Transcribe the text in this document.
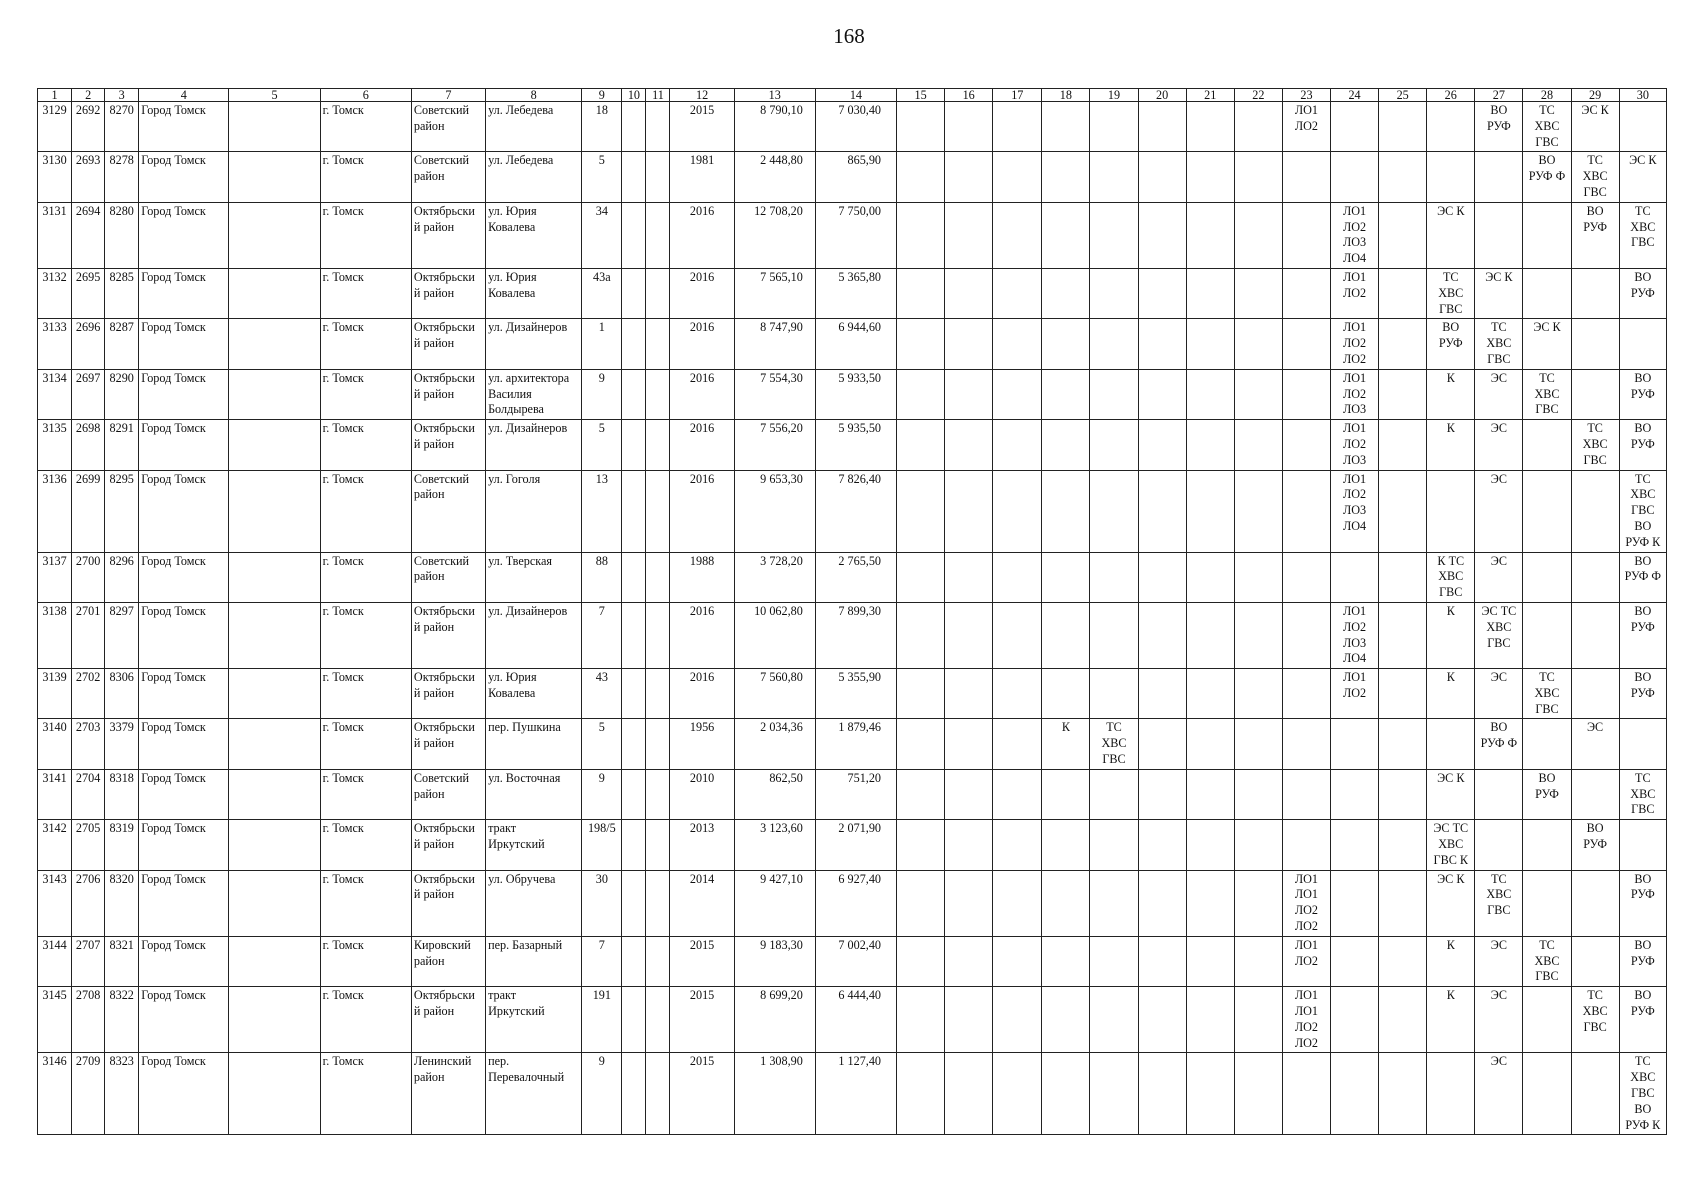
168
1	2	3	4	5	6	7	8	9	10	11	12	13	14	15	16	17	18	19	20	21	22	23	24	25	26	27	28	29	30
3129	2692	8270	Город Томск		г. Томск	Советский
район	ул. Лебедева	18			2015	8 790,10	7 030,40									ЛО1
ЛО2				ВО
РУФ	ТС
ХВС
ГВС	ЭС К	
3130	2693	8278	Город Томск		г. Томск	Советский
район	ул. Лебедева	5			1981	2 448,80	865,90														ВО
РУФ Ф	ТС
ХВС
ГВС	ЭС К
3131	2694	8280	Город Томск		г. Томск	Октябрьски
й район	ул. Юрия
Ковалева	34			2016	12 708,20	7 750,00										ЛО1
ЛО2
ЛО3
ЛО4		ЭС К			ВО
РУФ	ТС
ХВС
ГВС
3132	2695	8285	Город Томск		г. Томск	Октябрьски
й район	ул. Юрия
Ковалева	43а			2016	7 565,10	5 365,80										ЛО1
ЛО2		ТС
ХВС
ГВС	ЭС К			ВО
РУФ
3133	2696	8287	Город Томск		г. Томск	Октябрьски
й район	ул. Дизайнеров	1			2016	8 747,90	6 944,60										ЛО1
ЛО2
ЛО2		ВО
РУФ	ТС
ХВС
ГВС	ЭС К		
3134	2697	8290	Город Томск		г. Томск	Октябрьски
й район	ул. архитектора
Василия
Болдырева	9			2016	7 554,30	5 933,50										ЛО1
ЛО2
ЛО3		К	ЭС	ТС
ХВС
ГВС		ВО
РУФ
3135	2698	8291	Город Томск		г. Томск	Октябрьски
й район	ул. Дизайнеров	5			2016	7 556,20	5 935,50										ЛО1
ЛО2
ЛО3		К	ЭС		ТС
ХВС
ГВС	ВО
РУФ
3136	2699	8295	Город Томск		г. Томск	Советский
район	ул. Гоголя	13			2016	9 653,30	7 826,40										ЛО1
ЛО2
ЛО3
ЛО4			ЭС			ТС
ХВС
ГВС
ВО
РУФ К
3137	2700	8296	Город Томск		г. Томск	Советский
район	ул. Тверская	88			1988	3 728,20	2 765,50												К ТС
ХВС
ГВС	ЭС			ВО
РУФ Ф
3138	2701	8297	Город Томск		г. Томск	Октябрьски
й район	ул. Дизайнеров	7			2016	10 062,80	7 899,30										ЛО1
ЛО2
ЛО3
ЛО4		К	ЭС ТС
ХВС
ГВС			ВО
РУФ
3139	2702	8306	Город Томск		г. Томск	Октябрьски
й район	ул. Юрия
Ковалева	43			2016	7 560,80	5 355,90										ЛО1
ЛО2		К	ЭС	ТС
ХВС
ГВС		ВО
РУФ
3140	2703	3379	Город Томск		г. Томск	Октябрьски
й район	пер. Пушкина	5			1956	2 034,36	1 879,46				К	ТС
ХВС
ГВС								ВО
РУФ Ф		ЭС	
3141	2704	8318	Город Томск		г. Томск	Советский
район	ул. Восточная	9			2010	862,50	751,20												ЭС К		ВО
РУФ		ТС
ХВС
ГВС
3142	2705	8319	Город Томск		г. Томск	Октябрьски
й район	тракт
Иркутский	198/5			2013	3 123,60	2 071,90												ЭС ТС
ХВС
ГВС К			ВО
РУФ	
3143	2706	8320	Город Томск		г. Томск	Октябрьски
й район	ул. Обручева	30			2014	9 427,10	6 927,40									ЛО1
ЛО1
ЛО2
ЛО2			ЭС К	ТС
ХВС
ГВС			ВО
РУФ
3144	2707	8321	Город Томск		г. Томск	Кировский
район	пер. Базарный	7			2015	9 183,30	7 002,40									ЛО1
ЛО2			К	ЭС	ТС
ХВС
ГВС		ВО
РУФ
3145	2708	8322	Город Томск		г. Томск	Октябрьски
й район	тракт
Иркутский	191			2015	8 699,20	6 444,40									ЛО1
ЛО1
ЛО2
ЛО2			К	ЭС		ТС
ХВС
ГВС	ВО
РУФ
3146	2709	8323	Город Томск		г. Томск	Ленинский
район	пер.
Перевалочный	9			2015	1 308,90	1 127,40													ЭС			ТС
ХВС
ГВС
ВО
РУФ К
